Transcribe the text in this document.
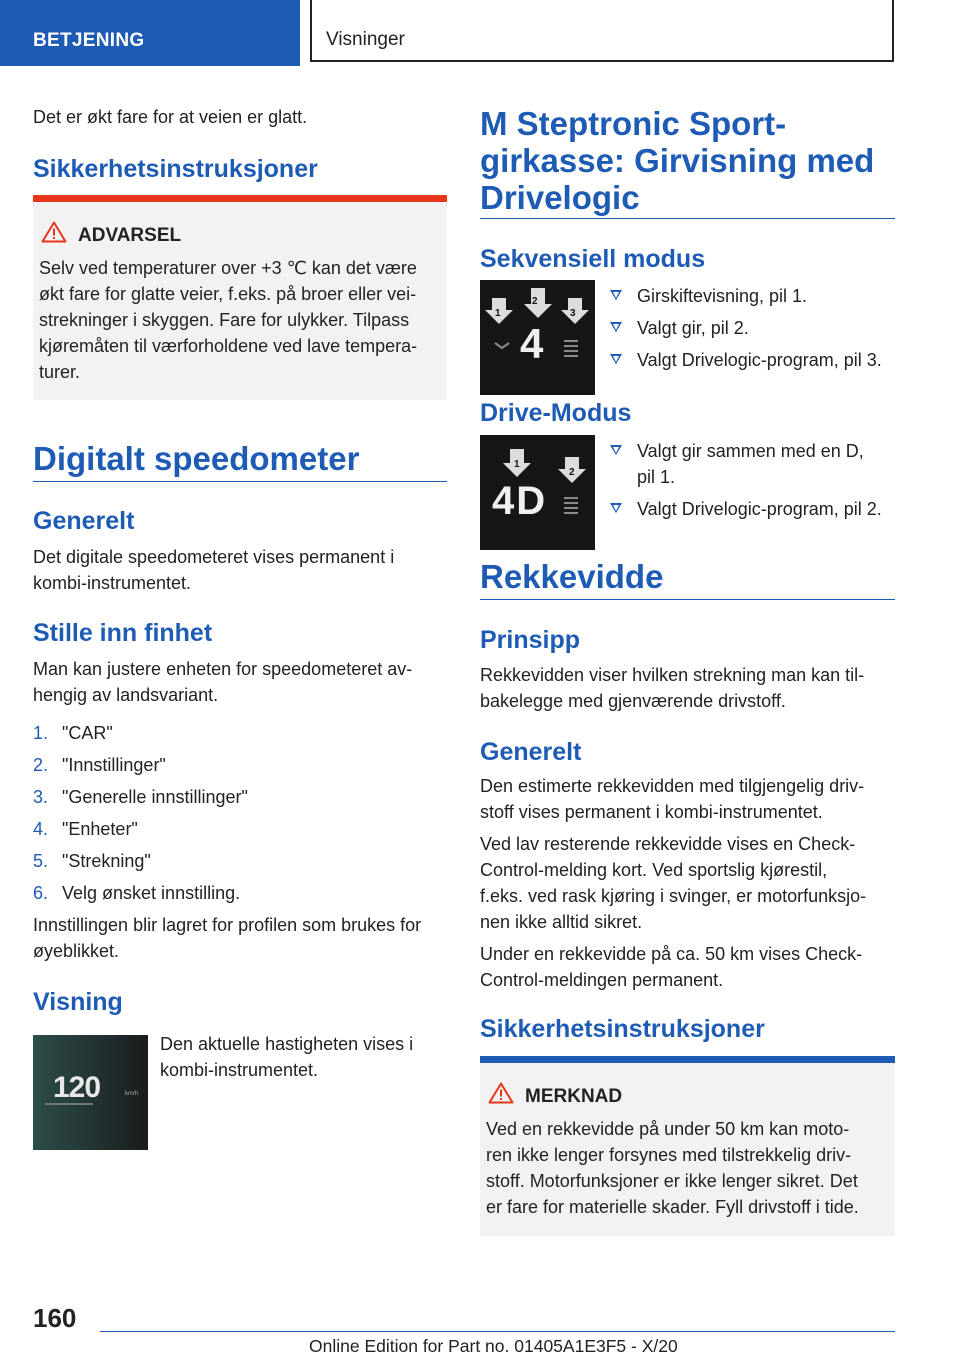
BETJENING	Visninger

Det er økt fare for at veien er glatt.

Sikkerhetsinstruksjoner
ADVARSEL
Selv ved temperaturer over +3 ℃ kan det være
økt fare for glatte veier, f.eks. på broer eller vei-
strekninger i skyggen. Fare for ulykker. Tilpass
kjøremåten til værforholdene ved lave tempera-
turer.
Digitalt speedometer
Generelt
Det digitale speedometeret vises permanent i
kombi-instrumentet.
Stille inn finhet
Man kan justere enheten for speedometeret av-
hengig av landsvariant.
1. "CAR"
2. "Innstillinger"
3. "Generelle innstillinger"
4. "Enheter"
5. "Strekning"
6. Velg ønsket innstilling.
Innstillingen blir lagret for profilen som brukes for
øyeblikket.
Visning
120	km/h
Den aktuelle hastigheten vises i
kombi-instrumentet.
M Steptronic Sport-
girkasse: Girvisning med
Drivelogic
Sekvensiell modus
1
2
3
4
Girskiftevisning, pil 1.
Valgt gir, pil 2.
Valgt Drivelogic-program, pil 3.
Drive-Modus
1
2
4D
Valgt gir sammen med en D,
pil 1.
Valgt Drivelogic-program, pil 2.
Rekkevidde
Prinsipp
Rekkevidden viser hvilken strekning man kan til-
bakelegge med gjenværende drivstoff.
Generelt
Den estimerte rekkevidden med tilgjengelig driv-
stoff vises permanent i kombi-instrumentet.
Ved lav resterende rekkevidde vises en Check-
Control-melding kort. Ved sportslig kjørestil,
f.eks. ved rask kjøring i svinger, er motorfunksjo-
nen ikke alltid sikret.
Under en rekkevidde på ca. 50 km vises Check-
Control-meldingen permanent.
Sikkerhetsinstruksjoner
MERKNAD
Ved en rekkevidde på under 50 km kan moto-
ren ikke lenger forsynes med tilstrekkelig driv-
stoff. Motorfunksjoner er ikke lenger sikret. Det
er fare for materielle skader. Fyll drivstoff i tide.
160
Online Edition for Part no. 01405A1E3F5 - X/20
